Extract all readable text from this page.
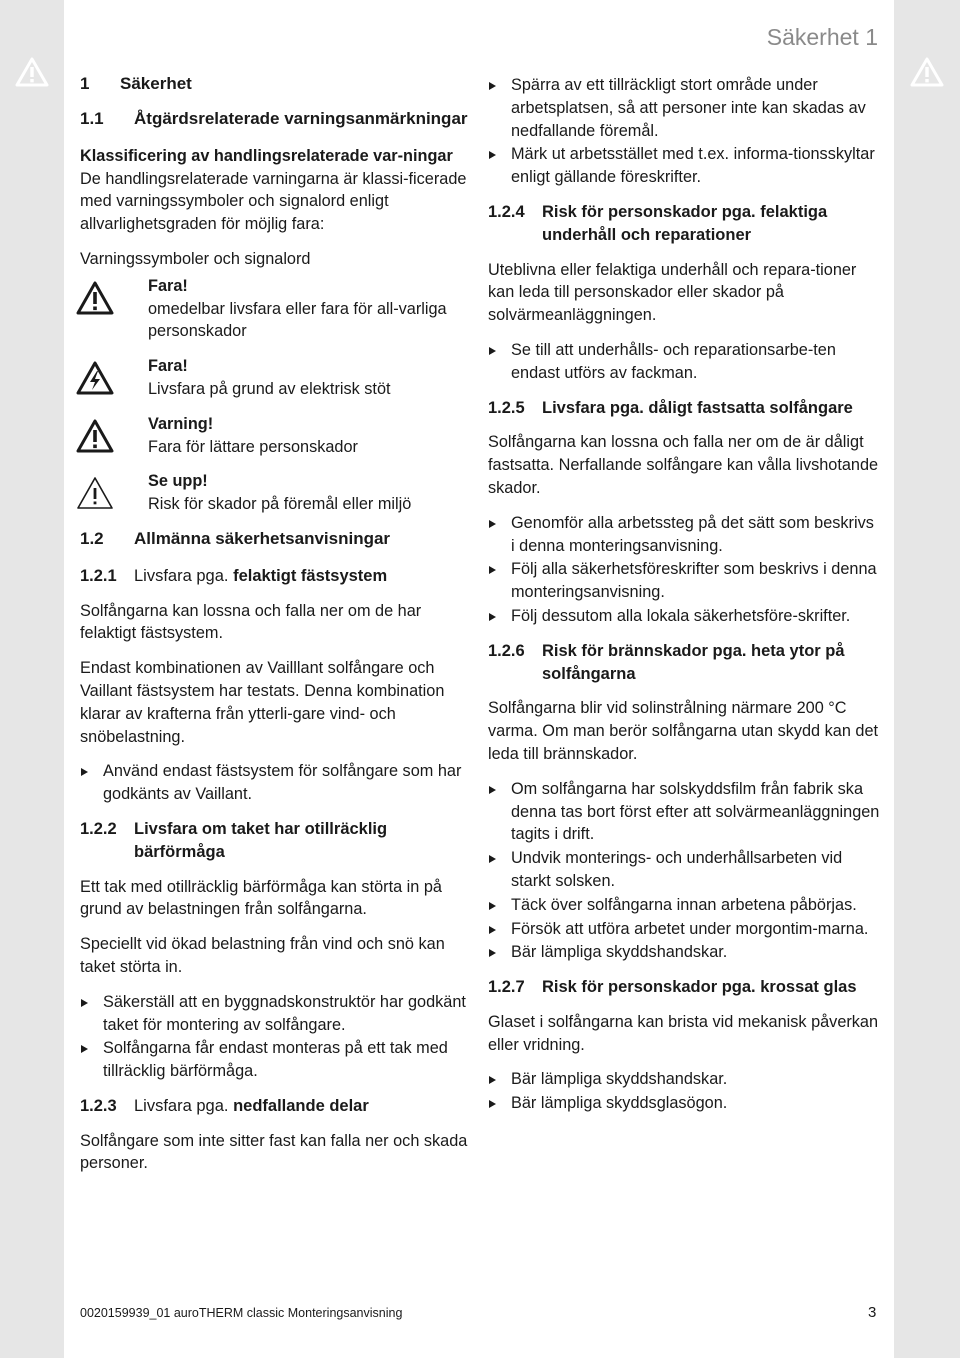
Säkerhet 1
1	Säkerhet
1.1	Åtgärdsrelaterade varningsanmärkningar

Klassificering av handlingsrelaterade var-ningar

De handlingsrelaterade varningarna är klassi-ficerade med varningssymboler och signalord enligt allvarlighetsgraden för möjlig fara:

Varningssymboler och signalord

Fara!
omedelbar livsfara eller fara för all-varliga personskador
Fara!
Livsfara på grund av elektrisk stöt
Varning!
Fara för lättare personskador
Se upp!
Risk för skador på föremål eller miljö
1.2	Allmänna säkerhetsanvisningar
1.2.1	Livsfara pga. felaktigt fästsystem

Solfångarna kan lossna och falla ner om de har felaktigt fästsystem.

Endast kombinationen av Vailllant solfångare och Vaillant fästsystem har testats. Denna kombination klarar av krafterna från ytterli-gare vind- och snöbelastning.

Använd endast fästsystem för solfångare som har godkänts av Vaillant.
1.2.2	Livsfara om taket har otillräcklig bärförmåga

Ett tak med otillräcklig bärförmåga kan störta in på grund av belastningen från solfångarna.

Speciellt vid ökad belastning från vind och snö kan taket störta in.

Säkerställ att en byggnadskonstruktör har godkänt taket för montering av solfångare.
Solfångarna får endast monteras på ett tak med tillräcklig bärförmåga.
1.2.3	Livsfara pga. nedfallande delar

Solfångare som inte sitter fast kan falla ner och skada personer.

Spärra av ett tillräckligt stort område under arbetsplatsen, så att personer inte kan skadas av nedfallande föremål.
Märk ut arbetsstället med t.ex. informa-tionsskyltar enligt gällande föreskrifter.
1.2.4	Risk för personskador pga. felaktiga underhåll och reparationer

Uteblivna eller felaktiga underhåll och repara-tioner kan leda till personskador eller skador på solvärmeanläggningen.

Se till att underhålls- och reparationsarbe-ten endast utförs av fackman.
1.2.5	Livsfara pga. dåligt fastsatta solfångare

Solfångarna kan lossna och falla ner om de är dåligt fastsatta. Nerfallande solfångare kan vålla livshotande skador.

Genomför alla arbetssteg på det sätt som beskrivs i denna monteringsanvisning.
Följ alla säkerhetsföreskrifter som beskrivs i denna monteringsanvisning.
Följ dessutom alla lokala säkerhetsföre-skrifter.
1.2.6	Risk för brännskador pga. heta ytor på solfångarna

Solfångarna blir vid solinstrålning närmare 200 °C varma. Om man berör solfångarna utan skydd kan det leda till brännskador.

Om solfångarna har solskyddsfilm från fabrik ska denna tas bort först efter att solvärmeanläggningen tagits i drift.
Undvik monterings- och underhållsarbeten vid starkt solsken.
Täck över solfångarna innan arbetena påbörjas.
Försök att utföra arbetet under morgontim-marna.
Bär lämpliga skyddshandskar.
1.2.7	Risk för personskador pga. krossat glas

Glaset i solfångarna kan brista vid mekanisk påverkan eller vridning.

Bär lämpliga skyddshandskar.
Bär lämpliga skyddsglasögon.
0020159939_01 auroTHERM classic Monteringsanvisning	3
